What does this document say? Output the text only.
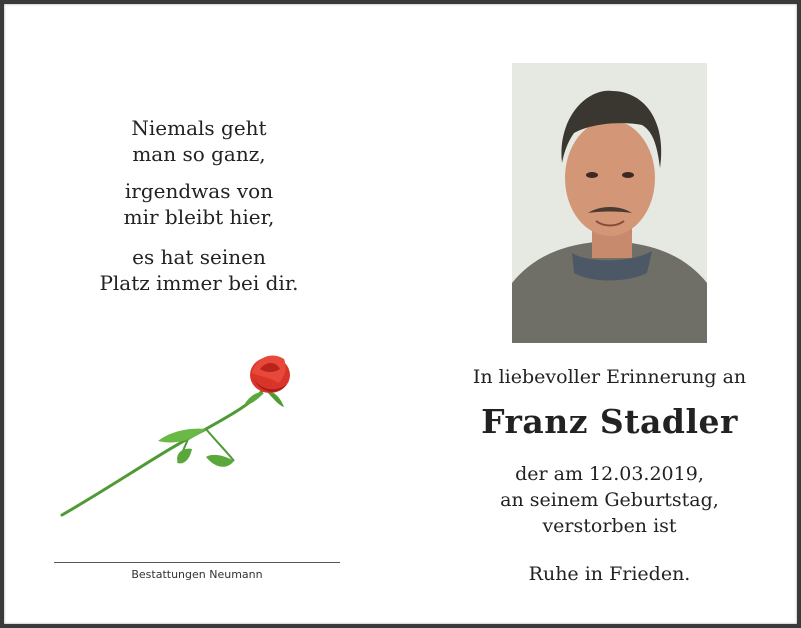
Niemals geht
man so ganz,
irgendwas von
mir bleibt hier,
es hat seinen
Platz immer bei dir.
In liebevoller Erinnerung an
Franz Stadler
der am 12.03.2019,
an seinem Geburtstag,
verstorben ist
Ruhe in Frieden.
Bestattungen Neumann
